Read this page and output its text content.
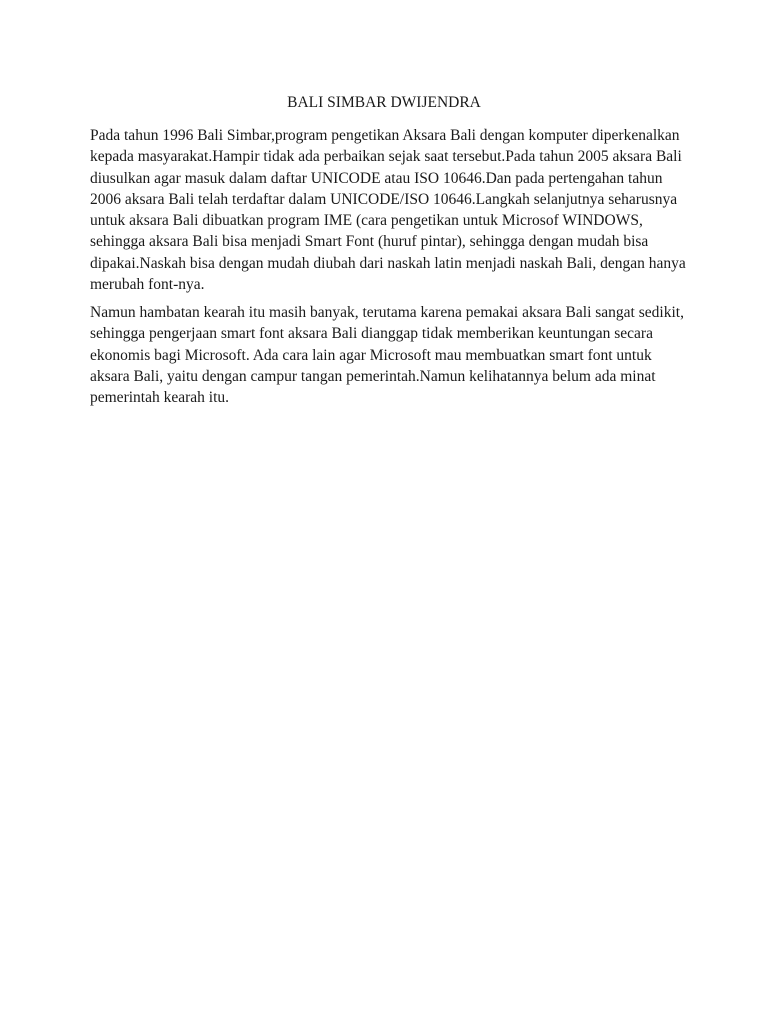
BALI SIMBAR DWIJENDRA

Pada tahun 1996 Bali Simbar,program pengetikan Aksara Bali dengan komputer diperkenalkan
kepada masyarakat.Hampir tidak ada perbaikan sejak saat tersebut.Pada tahun 2005 aksara Bali
diusulkan agar masuk dalam daftar UNICODE atau ISO 10646.Dan pada pertengahan tahun
2006 aksara Bali telah terdaftar dalam UNICODE/ISO 10646.Langkah selanjutnya seharusnya
untuk aksara Bali dibuatkan program IME (cara pengetikan untuk Microsof WINDOWS,
sehingga aksara Bali bisa menjadi Smart Font (huruf pintar), sehingga dengan mudah bisa
dipakai.Naskah bisa dengan mudah diubah dari naskah latin menjadi naskah Bali, dengan hanya
merubah font-nya.

Namun hambatan kearah itu masih banyak, terutama karena pemakai aksara Bali sangat sedikit,
sehingga pengerjaan smart font aksara Bali dianggap tidak memberikan keuntungan secara
ekonomis bagi Microsoft. Ada cara lain agar Microsoft mau membuatkan smart font untuk
aksara Bali, yaitu dengan campur tangan pemerintah.Namun kelihatannya belum ada minat
pemerintah kearah itu.
